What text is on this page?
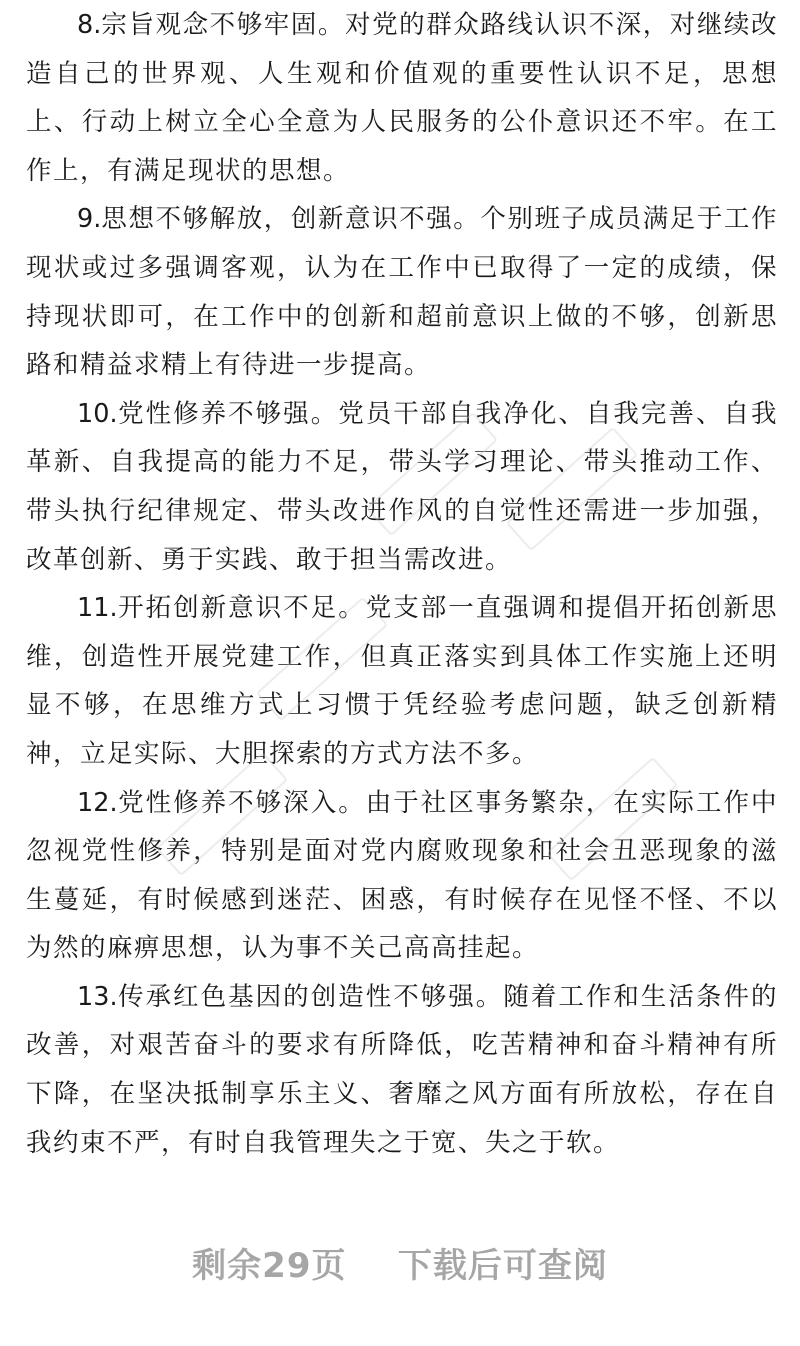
8.宗旨观念不够牢固。对党的群众路线认识不深，对继续改造自己的世界观、人生观和价值观的重要性认识不足，思想上、行动上树立全心全意为人民服务的公仆意识还不牢。在工作上，有满足现状的思想。

9.思想不够解放，创新意识不强。个别班子成员满足于工作现状或过多强调客观，认为在工作中已取得了一定的成绩，保持现状即可，在工作中的创新和超前意识上做的不够，创新思路和精益求精上有待进一步提高。

10.党性修养不够强。党员干部自我净化、自我完善、自我革新、自我提高的能力不足，带头学习理论、带头推动工作、带头执行纪律规定、带头改进作风的自觉性还需进一步加强，改革创新、勇于实践、敢于担当需改进。

11.开拓创新意识不足。党支部一直强调和提倡开拓创新思维，创造性开展党建工作，但真正落实到具体工作实施上还明显不够，在思维方式上习惯于凭经验考虑问题，缺乏创新精神，立足实际、大胆探索的方式方法不多。

12.党性修养不够深入。由于社区事务繁杂，在实际工作中忽视党性修养，特别是面对党内腐败现象和社会丑恶现象的滋生蔓延，有时候感到迷茫、困惑，有时候存在见怪不怪、不以为然的麻痹思想，认为事不关己高高挂起。

13.传承红色基因的创造性不够强。随着工作和生活条件的改善，对艰苦奋斗的要求有所降低，吃苦精神和奋斗精神有所下降，在坚决抵制享乐主义、奢靡之风方面有所放松，存在自我约束不严，有时自我管理失之于宽、失之于软。

剩余29页 下载后可查阅
